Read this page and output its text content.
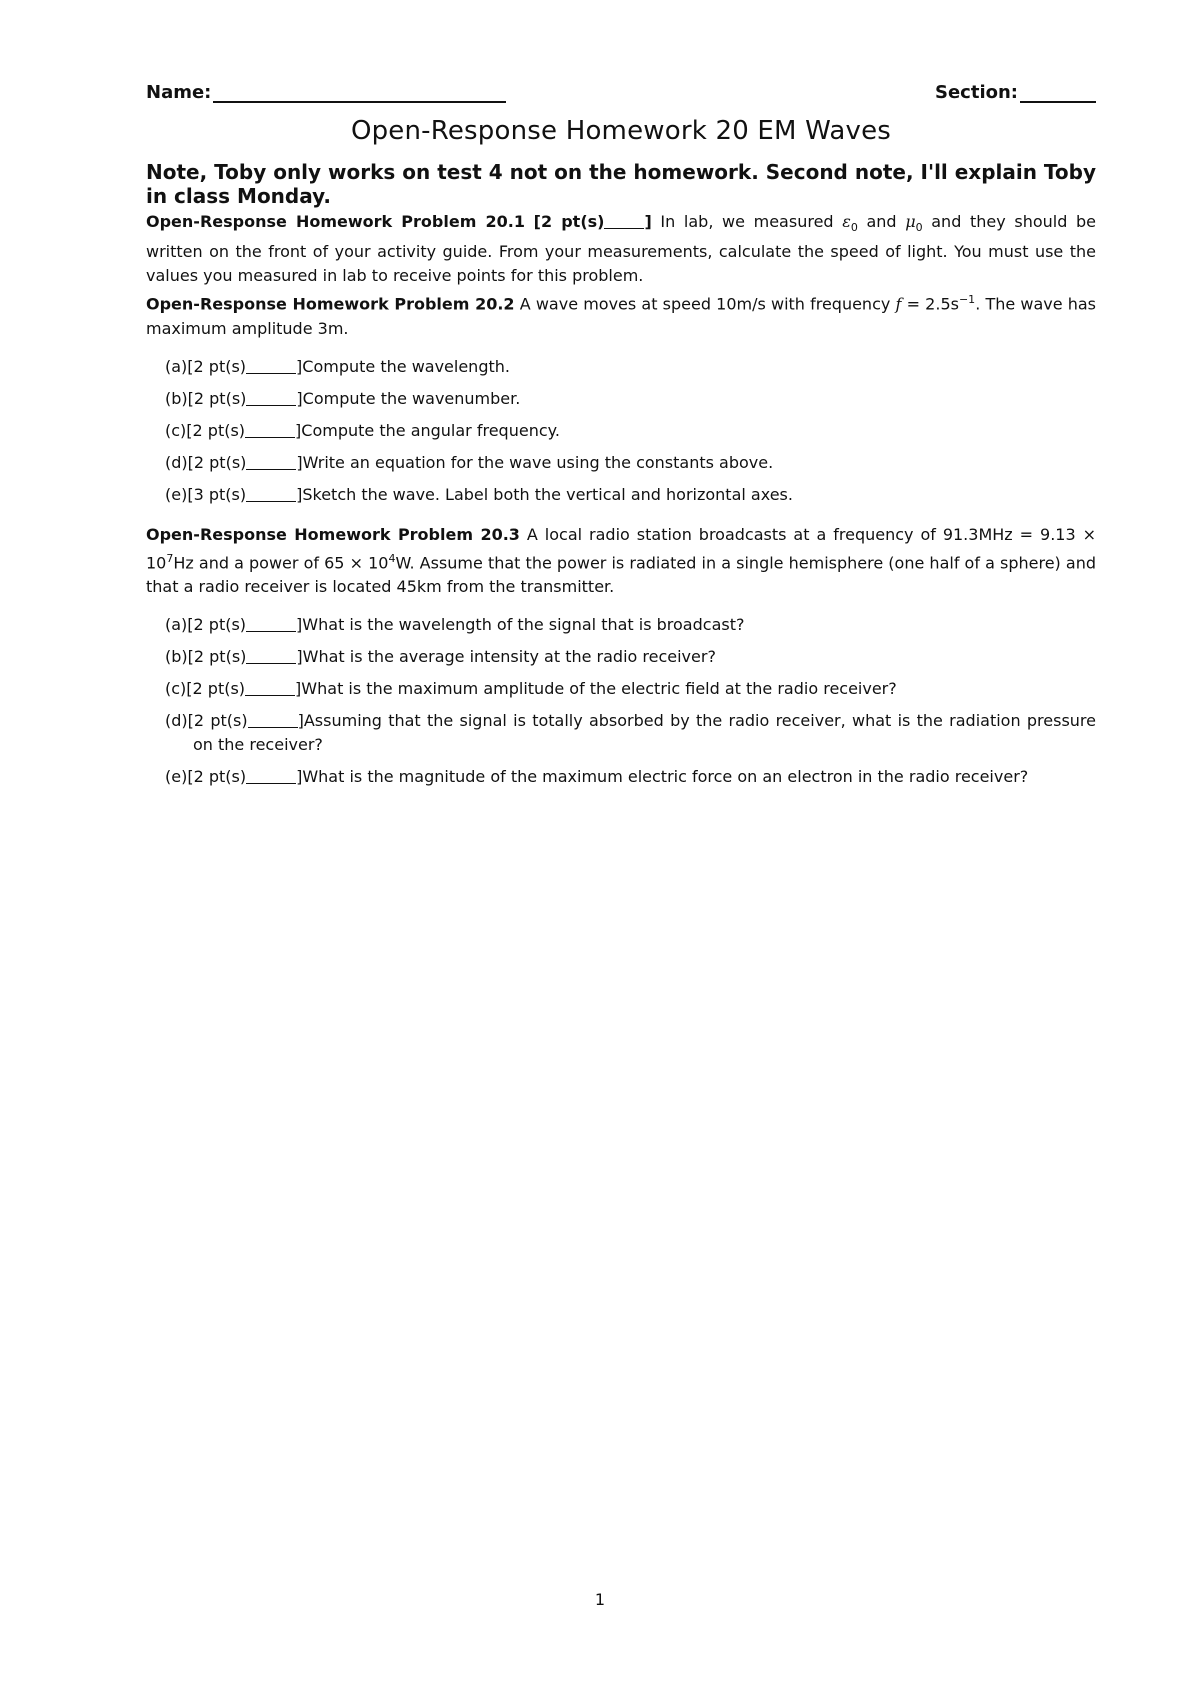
Name:	Section:
Open-Response Homework 20 EM Waves
Note, Toby only works on test 4 not on the homework. Second note, I'll explain Toby in class Monday.

Open-Response Homework Problem 20.1 [2 pt(s)	] In lab, we measured $\varepsilon_0$ and $\mu_0$ and they should be written on the front of your activity guide. From your measurements, calculate the speed of light. You must use the values you measured in lab to receive points for this problem.

Open-Response Homework Problem 20.2 A wave moves at speed 10m/s with frequency $f = 2.5s^{-1}$. The wave has maximum amplitude 3m.

(a)[2 pt(s)	]Compute the wavelength.
(b)[2 pt(s)	]Compute the wavenumber.
(c)[2 pt(s)	]Compute the angular frequency.
(d)[2 pt(s)	]Write an equation for the wave using the constants above.
(e)[3 pt(s)	]Sketch the wave. Label both the vertical and horizontal axes.

Open-Response Homework Problem 20.3 A local radio station broadcasts at a frequency of $91.3MHz = 9.13 \times 10^7Hz$ and a power of $65 \times 10^4W$. Assume that the power is radiated in a single hemisphere (one half of a sphere) and that a radio receiver is located 45km from the transmitter.

(a)[2 pt(s)	]What is the wavelength of the signal that is broadcast?
(b)[2 pt(s)	]What is the average intensity at the radio receiver?
(c)[2 pt(s)	]What is the maximum amplitude of the electric field at the radio receiver?
(d)[2 pt(s)	]Assuming that the signal is totally absorbed by the radio receiver, what is the radiation pressure on the receiver?
(e)[2 pt(s)	]What is the magnitude of the maximum electric force on an electron in the radio receiver?
1
